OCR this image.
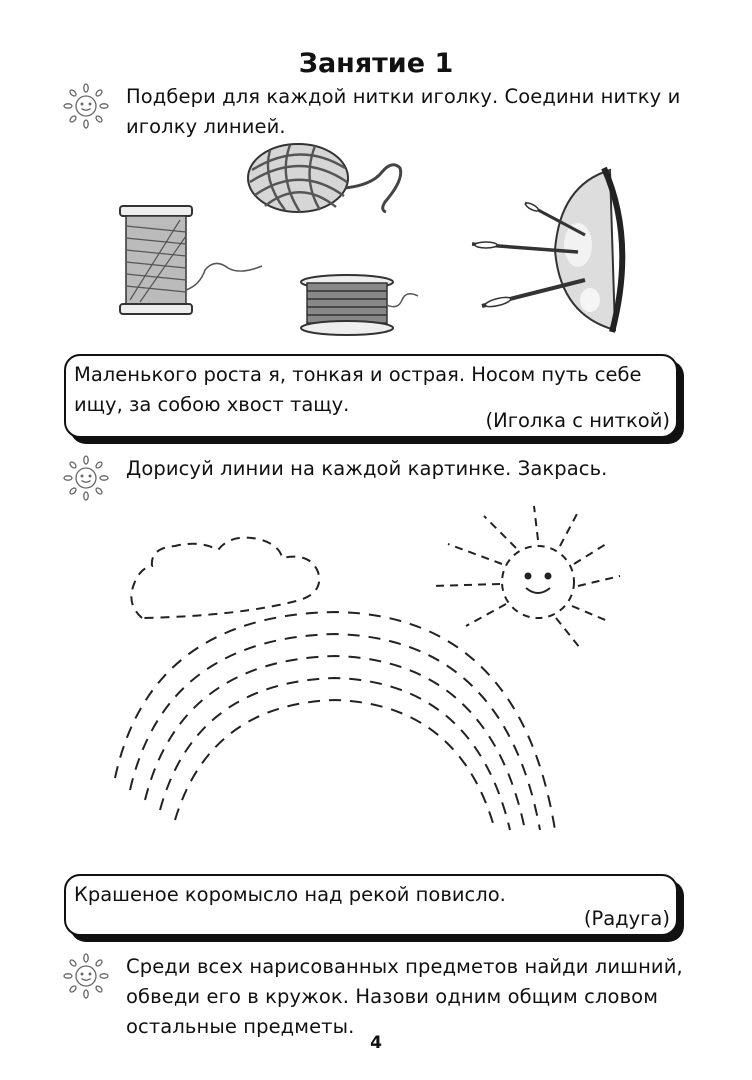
Занятие 1
Подбери для каждой нитки иголку. Соедини нитку и иголку линией.
Маленького роста я, тонкая и острая. Носом путь себе ищу, за собою хвост тащу.
(Иголка с ниткой)
Дорисуй линии на каждой картинке. Закрась.
Крашеное коромысло над рекой повисло.
(Радуга)
Среди всех нарисованных предметов найди лишний, обведи его в кружок. Назови одним общим словом остальные предметы.
4
